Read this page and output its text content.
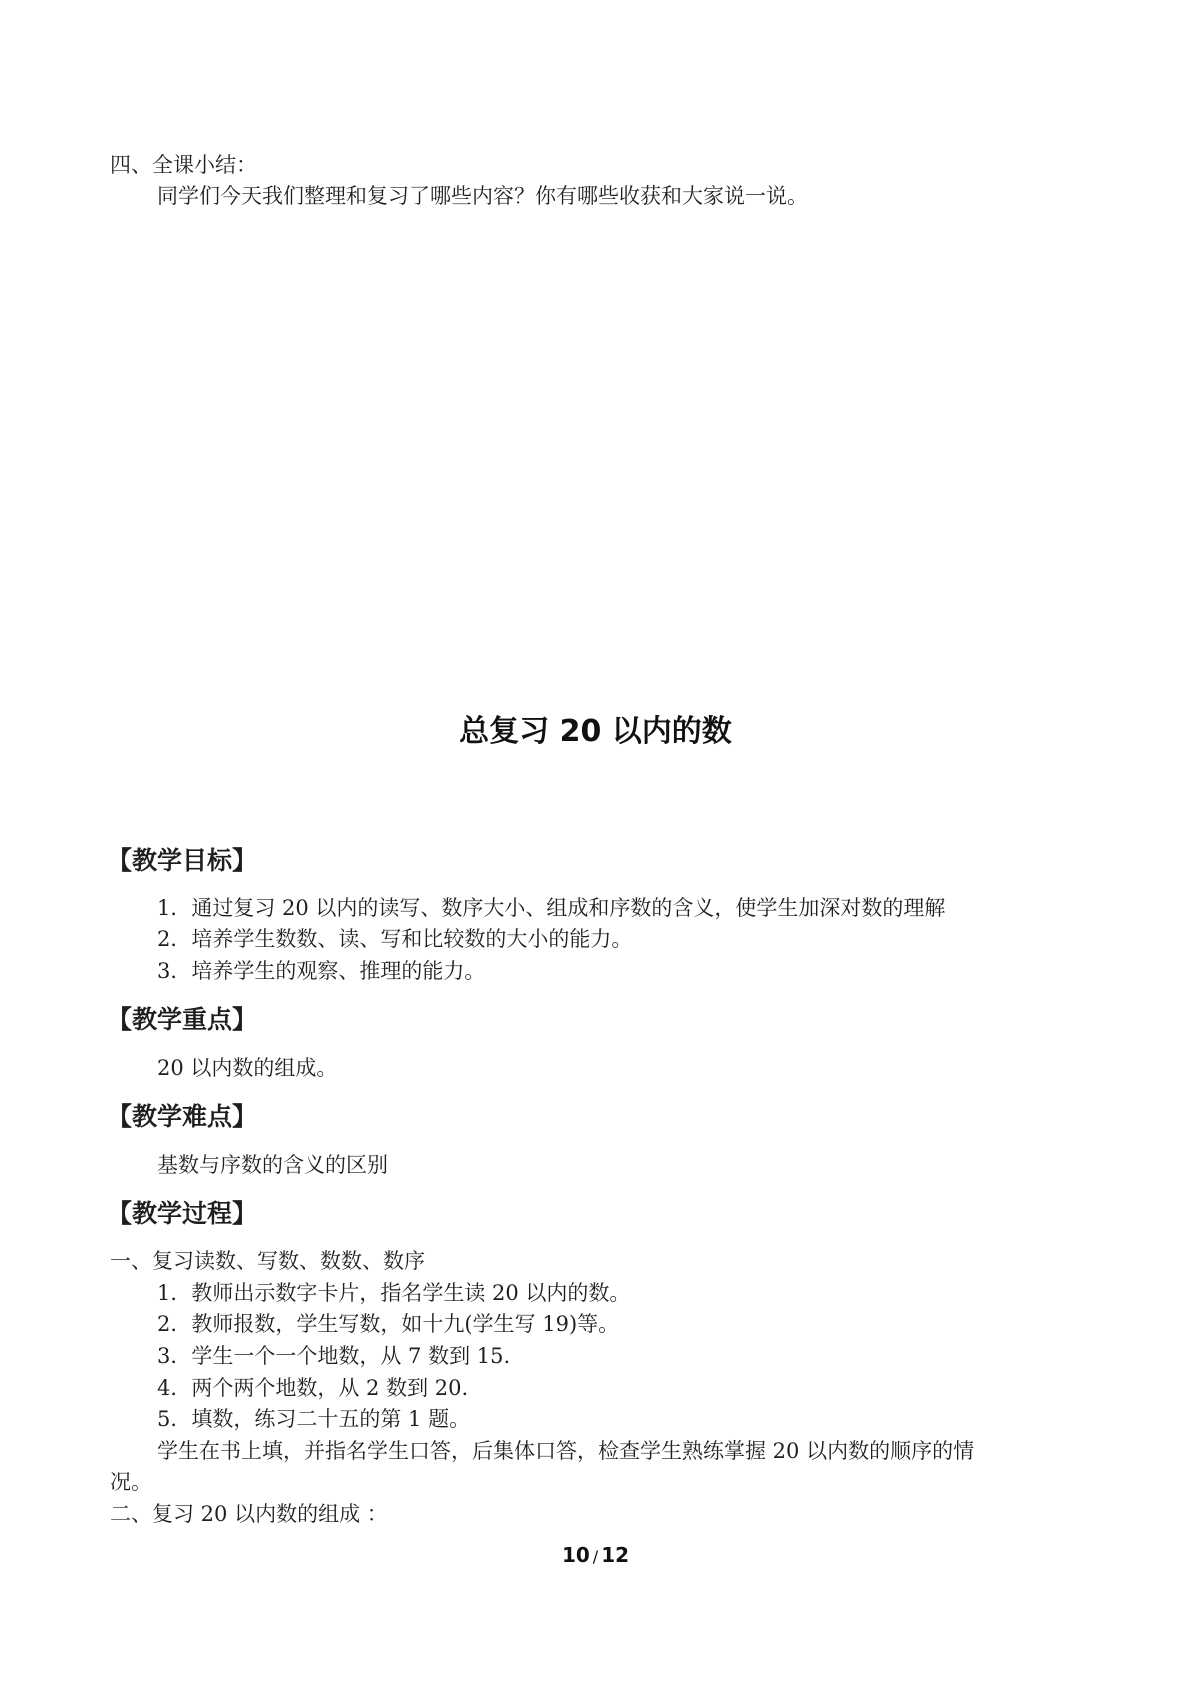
四、全课小结：
同学们今天我们整理和复习了哪些内容？你有哪些收获和大家说一说。
总复习 20 以内的数
【教学目标】
1．通过复习 20 以内的读写、数序大小、组成和序数的含义，使学生加深对数的理解
2．培养学生数数、读、写和比较数的大小的能力。
3．培养学生的观察、推理的能力。
【教学重点】
20 以内数的组成。
【教学难点】
基数与序数的含义的区别
【教学过程】
一、复习读数、写数、数数、数序
1．教师出示数字卡片，指名学生读 20 以内的数。
2．教师报数，学生写数，如十九(学生写 19)等。
3．学生一个一个地数，从 7 数到 15.
4．两个两个地数，从 2 数到 20.
5．填数，练习二十五的第 1 题。
学生在书上填，并指名学生口答，后集体口答，检查学生熟练掌握 20 以内数的顺序的情
况。
二、复习 20 以内数的组成 ：
10 / 12
